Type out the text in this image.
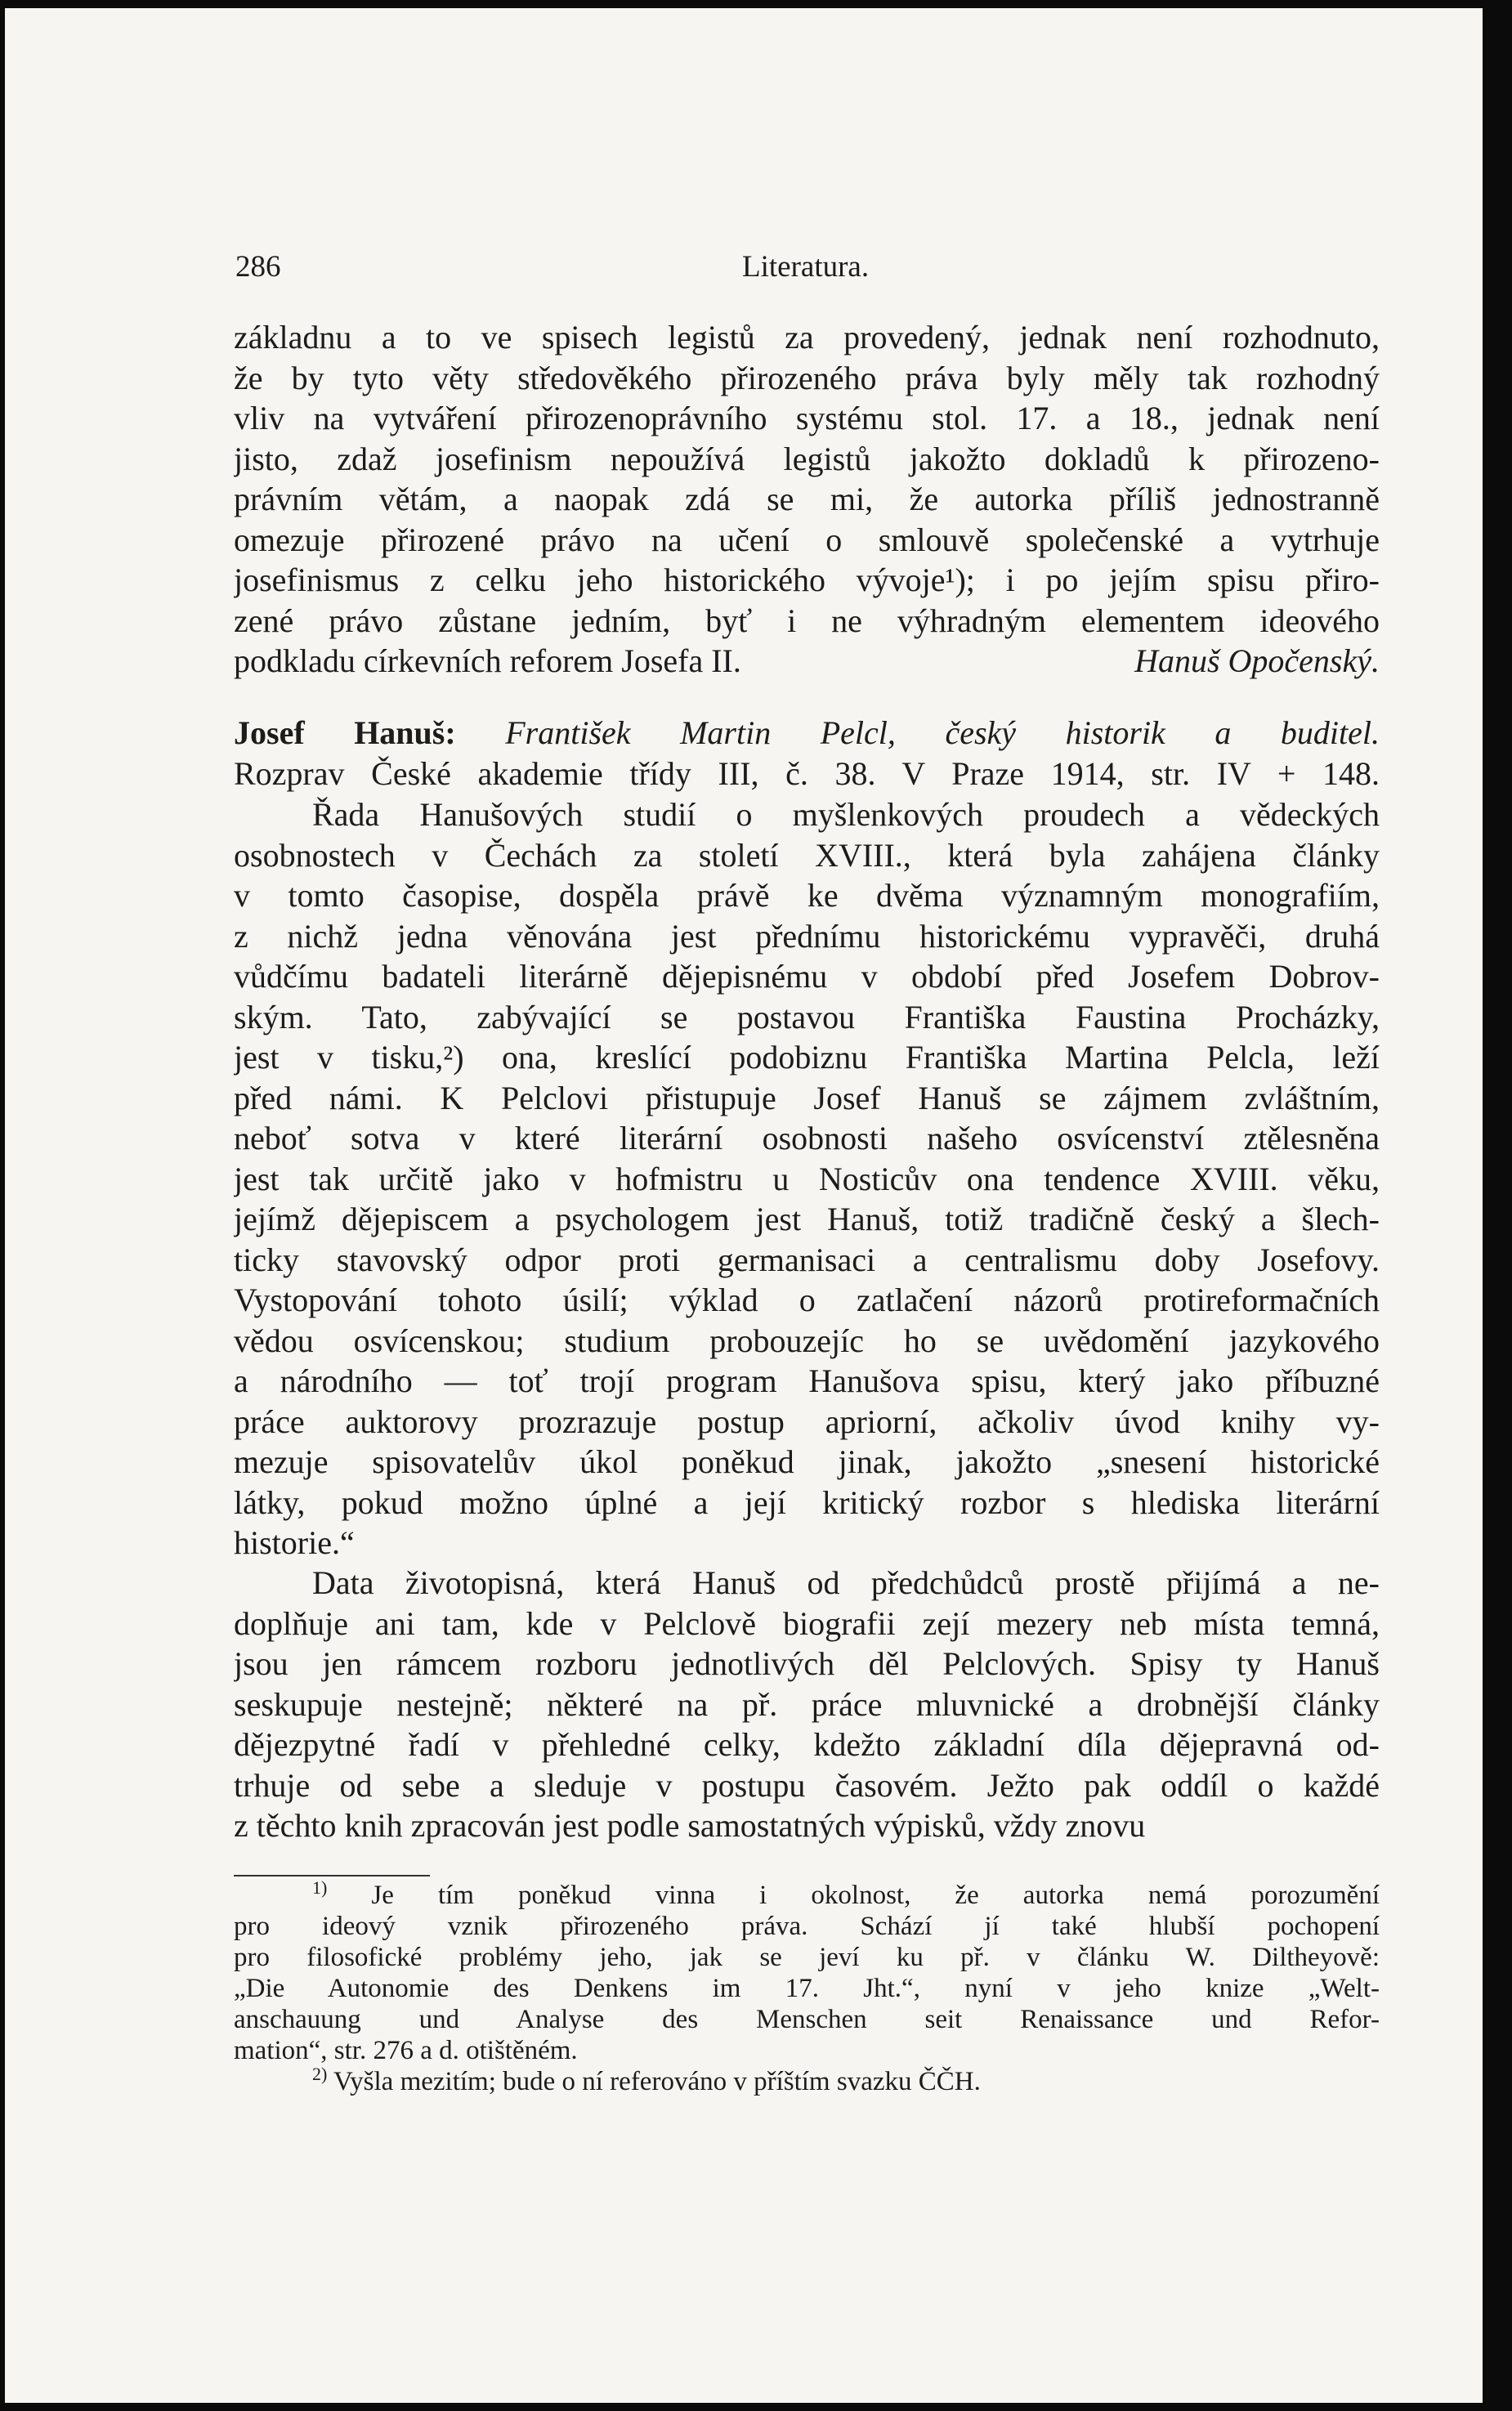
286	Literatura.
základnu a to ve spisech legistů za provedený, jednak není rozhodnuto,
že by tyto věty středověkého přirozeného práva byly měly tak rozhodný
vliv na vytváření přirozenoprávního systému stol. 17. a 18., jednak není
jisto, zdaž josefinism nepoužívá legistů jakožto dokladů k přirozeno-
právním větám, a naopak zdá se mi, že autorka příliš jednostranně
omezuje přirozené právo na učení o smlouvě společenské a vytrhuje
josefinismus z celku jeho historického vývoje¹); i po jejím spisu přiro-
zené právo zůstane jedním, byť i ne výhradným elementem ideového
podkladu církevních reforem Josefa II.	Hanuš Opočenský.
Josef Hanuš: František Martin Pelcl, český historik a buditel.
Rozprav České akademie třídy III, č. 38. V Praze 1914, str. IV + 148.
Řada Hanušových studií o myšlenkových proudech a vědeckých
osobnostech v Čechách za století XVIII., která byla zahájena články
v tomto časopise, dospěla právě ke dvěma významným monografiím,
z nichž jedna věnována jest přednímu historickému vypravěči, druhá
vůdčímu badateli literárně dějepisnému v období před Josefem Dobrov-
ským. Tato, zabývající se postavou Františka Faustina Procházky,
jest v tisku,²) ona, kreslící podobiznu Františka Martina Pelcla, leží
před námi. K Pelclovi přistupuje Josef Hanuš se zájmem zvláštním,
neboť sotva v které literární osobnosti našeho osvícenství ztělesněna
jest tak určitě jako v hofmistru u Nosticův ona tendence XVIII. věku,
jejímž dějepiscem a psychologem jest Hanuš, totiž tradičně český a šlech-
ticky stavovský odpor proti germanisaci a centralismu doby Josefovy.
Vystopování tohoto úsilí; výklad o zatlačení názorů protireformačních
vědou osvícenskou; studium probouzejíc ho se uvědomění jazykového
a národního — toť trojí program Hanušova spisu, který jako příbuzné
práce auktorovy prozrazuje postup apriorní, ačkoliv úvod knihy vy-
mezuje spisovatelův úkol poněkud jinak, jakožto „snesení historické
látky, pokud možno úplné a její kritický rozbor s hlediska literární
historie.“
Data životopisná, která Hanuš od předchůdců prostě přijímá a ne-
doplňuje ani tam, kde v Pelclově biografii zejí mezery neb místa temná,
jsou jen rámcem rozboru jednotlivých děl Pelclových. Spisy ty Hanuš
seskupuje nestejně; některé na př. práce mluvnické a drobnější články
dějezpytné řadí v přehledné celky, kdežto základní díla dějepravná od-
trhuje od sebe a sleduje v postupu časovém. Ježto pak oddíl o každé
z těchto knih zpracován jest podle samostatných výpisků, vždy znovu
$^{1)}$ Je tím poněkud vinna i okolnost, že autorka nemá porozumění
pro ideový vznik přirozeného práva. Schází jí také hlubší pochopení
pro filosofické problémy jeho, jak se jeví ku př. v článku W. Diltheyově:
„Die Autonomie des Denkens im 17. Jht.“, nyní v jeho knize „Welt-
anschauung und Analyse des Menschen seit Renaissance und Refor-
mation“, str. 276 a d. otištěném.
$^{2)}$ Vyšla mezitím; bude o ní referováno v příštím svazku ČČH.
